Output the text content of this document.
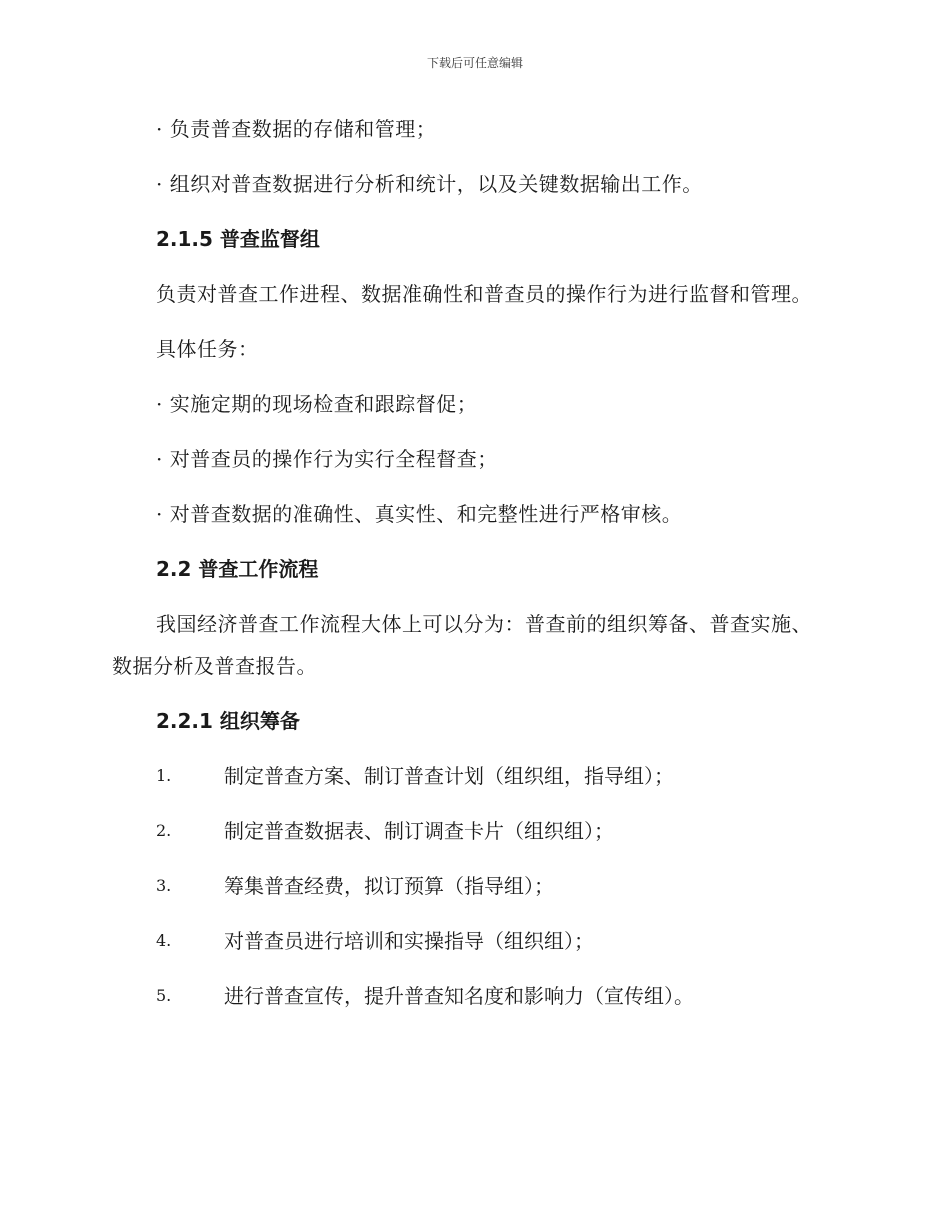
下载后可任意编辑

· 负责普查数据的存储和管理；

· 组织对普查数据进行分析和统计，以及关键数据输出工作。

2.1.5 普查监督组

负责对普查工作进程、数据准确性和普查员的操作行为进行监督和管理。

具体任务：

· 实施定期的现场检查和跟踪督促；

· 对普查员的操作行为实行全程督查；

· 对普查数据的准确性、真实性、和完整性进行严格审核。

2.2 普查工作流程

我国经济普查工作流程大体上可以分为：普查前的组织筹备、普查实施、数据分析及普查报告。

2.2.1 组织筹备
1.	制定普查方案、制订普查计划（组织组，指导组）；
2.	制定普查数据表、制订调查卡片（组织组）；
3.	筹集普查经费，拟订预算（指导组）；
4.	对普查员进行培训和实操指导（组织组）；
5.	进行普查宣传，提升普查知名度和影响力（宣传组）。
